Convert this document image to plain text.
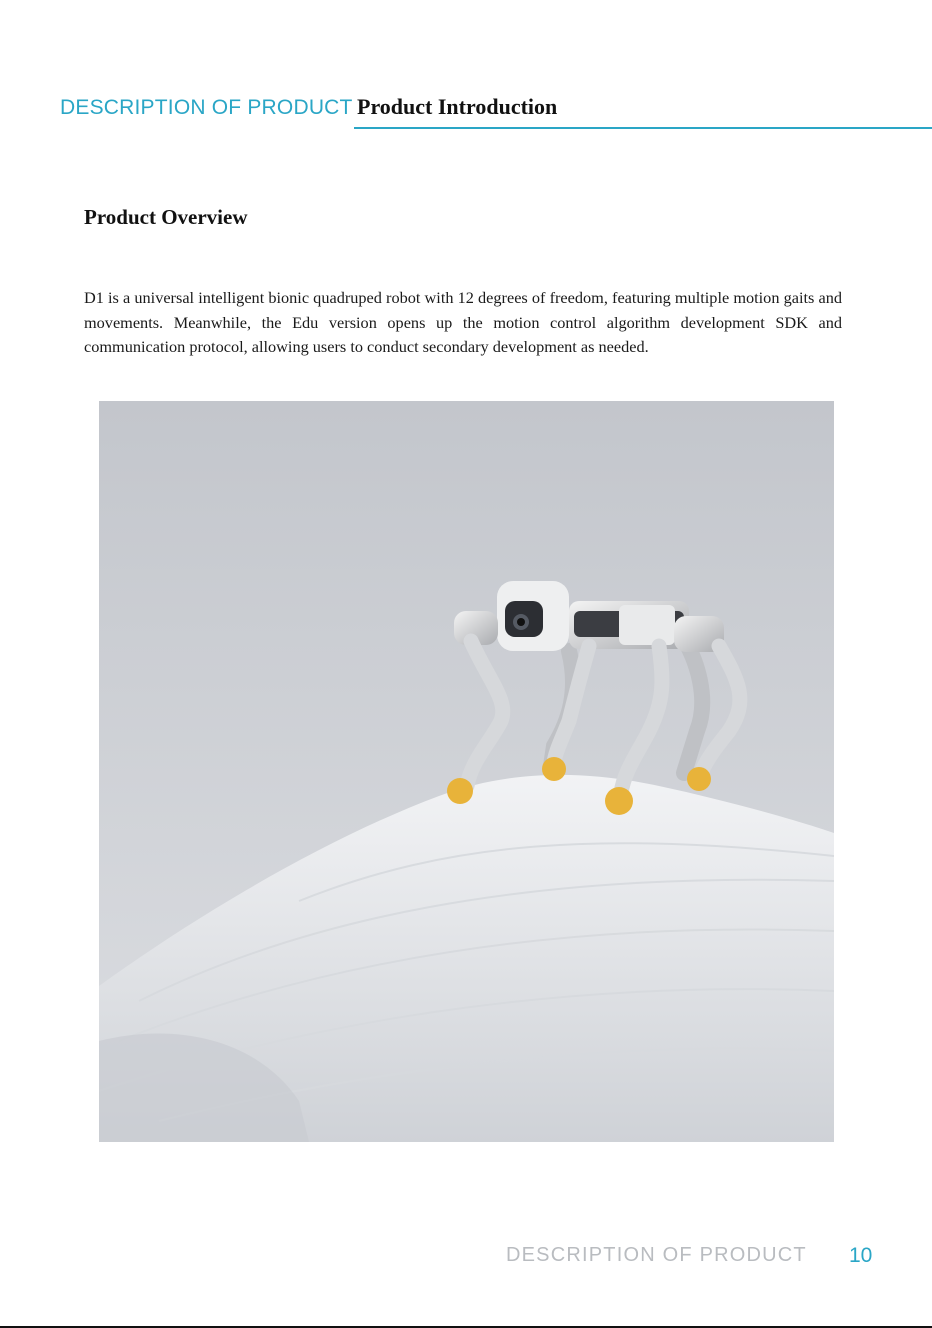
DESCRIPTION OF PRODUCT Product Introduction
Product Overview
D1 is a universal intelligent bionic quadruped robot with 12 degrees of freedom, featuring multiple motion gaits and movements. Meanwhile, the Edu version opens up the motion control algorithm development SDK and communication protocol, allowing users to conduct secondary development as needed.
DESCRIPTION OF PRODUCT 10
